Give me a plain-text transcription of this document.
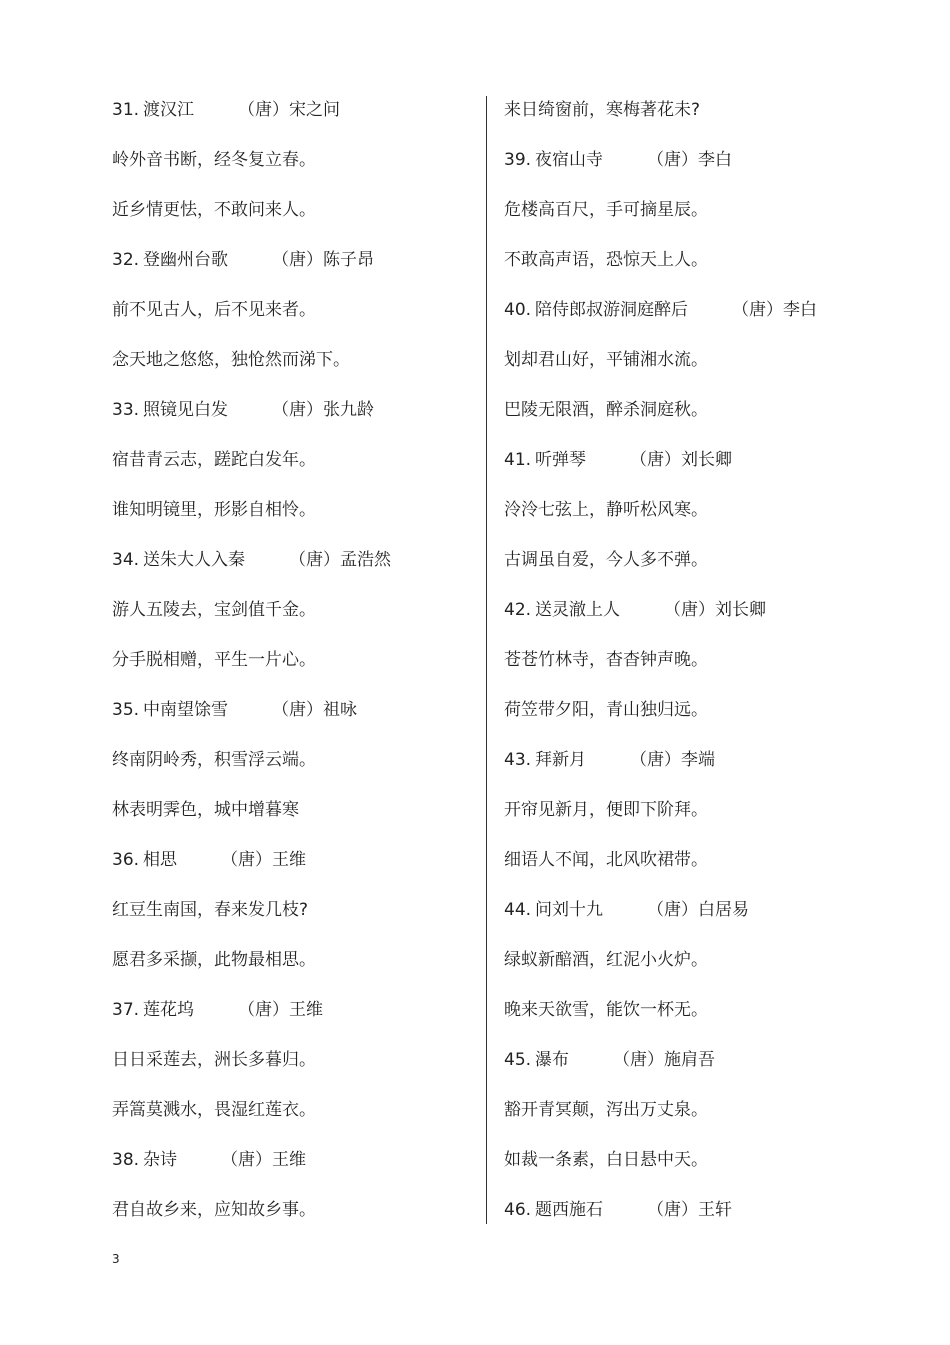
31. 渡汉江	（唐）宋之问
岭外音书断，经冬复立春。
近乡情更怯，不敢问来人。
32. 登幽州台歌	（唐）陈子昂
前不见古人，后不见来者。
念天地之悠悠，独怆然而涕下。
33. 照镜见白发	（唐）张九龄
宿昔青云志，蹉跎白发年。
谁知明镜里，形影自相怜。
34. 送朱大人入秦	（唐）孟浩然
游人五陵去，宝剑值千金。
分手脱相赠，平生一片心。
35. 中南望馀雪	（唐）祖咏
终南阴岭秀，积雪浮云端。
林表明霁色，城中增暮寒
36. 相思	（唐）王维
红豆生南国，春来发几枝?
愿君多采撷，此物最相思。
37. 莲花坞	（唐）王维
日日采莲去，洲长多暮归。
弄篙莫溅水，畏湿红莲衣。
38. 杂诗	（唐）王维
君自故乡来，应知故乡事。
来日绮窗前，寒梅著花未?
39. 夜宿山寺	（唐）李白
危楼高百尺，手可摘星辰。
不敢高声语，恐惊天上人。
40. 陪侍郎叔游洞庭醉后	（唐）李白
划却君山好，平铺湘水流。
巴陵无限酒，醉杀洞庭秋。
41. 听弹琴	（唐）刘长卿
泠泠七弦上，静听松风寒。
古调虽自爱，今人多不弹。
42. 送灵澈上人	（唐）刘长卿
苍苍竹林寺，杳杳钟声晚。
荷笠带夕阳，青山独归远。
43. 拜新月	（唐）李端
开帘见新月，便即下阶拜。
细语人不闻，北风吹裙带。
44. 问刘十九	（唐）白居易
绿蚁新醅酒，红泥小火炉。
晚来天欲雪，能饮一杯无。
45. 瀑布	（唐）施肩吾
豁开青冥颠，泻出万丈泉。
如裁一条素，白日悬中天。
46. 题西施石	（唐）王轩
3
